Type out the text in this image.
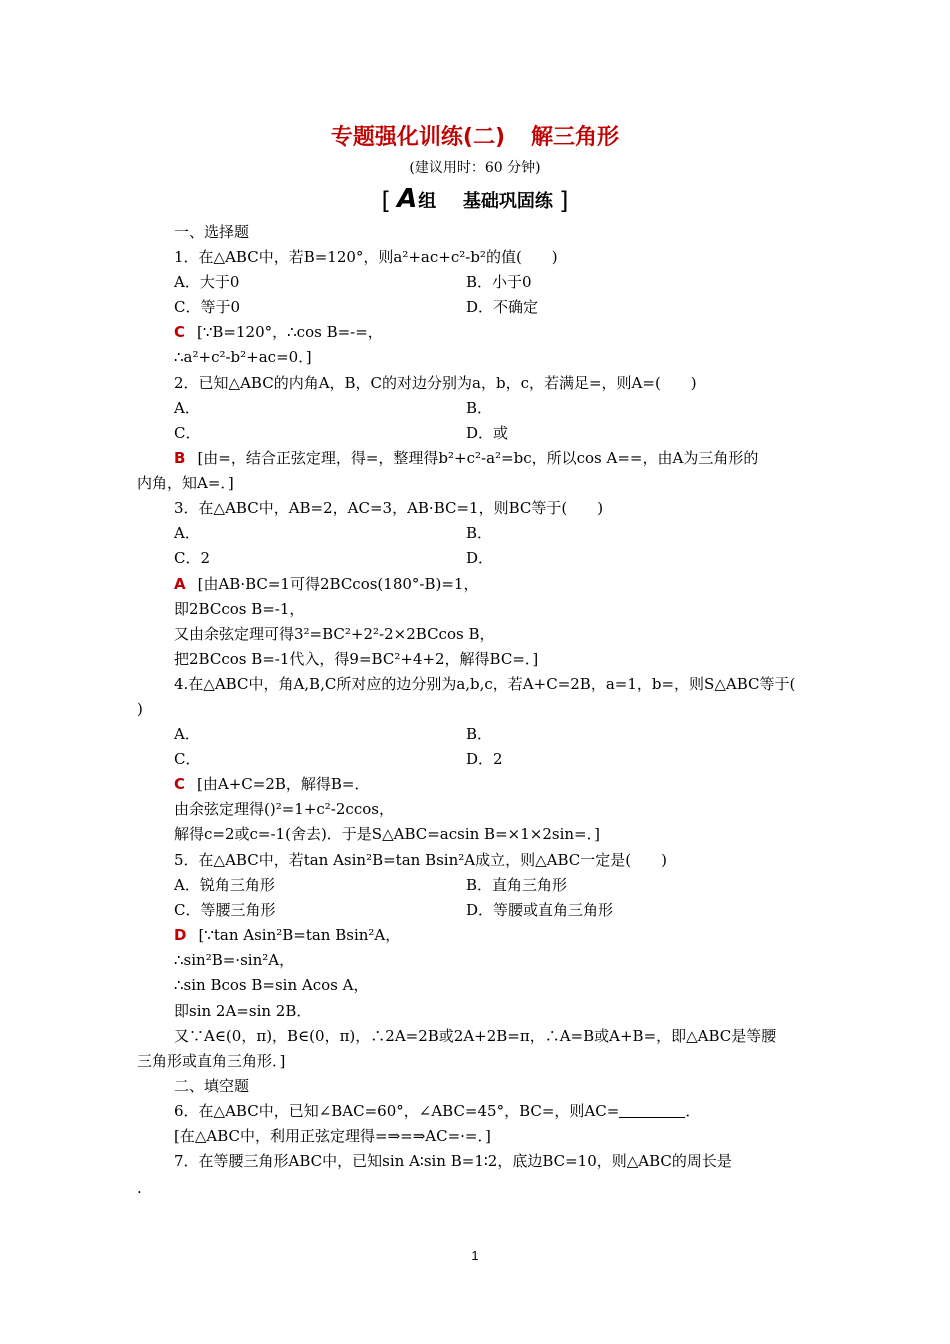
专题强化训练(二) 解三角形
(建议用时：60 分钟)
[ A组 基础巩固练 ]
一、选择题
1．在△ABC中，若B=120°，则a²+ac+c²-b²的值(　　)
A．大于0	B．小于0
C．等于0	D．不确定
C [∵B=120°，∴cos B=-=，
∴a²+c²-b²+ac=0．]
2．已知△ABC的内角A，B，C的对边分别为a，b，c，若满足=，则A=(　　)
A．	B．
C．	D．或
B [由=，结合正弦定理，得=，整理得b²+c²-a²=bc，所以cos A==，由A为三角形的
内角，知A=．]
3．在△ABC中，AB=2，AC=3，AB·BC=1，则BC等于(　　)
A．	B．
C．2	D．
A [由AB·BC=1可得2BCcos(180°-B)=1，
即2BCcos B=-1，
又由余弦定理可得3²=BC²+2²-2×2BCcos B，
把2BCcos B=-1代入，得9=BC²+4+2，解得BC=．]
4.在△ABC中，角A,B,C所对应的边分别为a,b,c，若A+C=2B，a=1，b=，则S△ABC等于(
)
A．	B．
C．	D．2
C [由A+C=2B，解得B=．
由余弦定理得()²=1+c²-2ccos，
解得c=2或c=-1(舍去)．于是S△ABC=acsin B=×1×2sin=．]
5．在△ABC中，若tan Asin²B=tan Bsin²A成立，则△ABC一定是(　　)
A．锐角三角形	B．直角三角形
C．等腰三角形	D．等腰或直角三角形
D [∵tan Asin²B=tan Bsin²A，
∴sin²B=·sin²A，
∴sin Bcos B=sin Acos A，
即sin 2A=sin 2B．
又∵A∈(0，π)，B∈(0，π)，∴2A=2B或2A+2B=π，∴A=B或A+B=，即△ABC是等腰
三角形或直角三角形．]
二、填空题
6．在△ABC中，已知∠BAC=60°，∠ABC=45°，BC=，则AC=	．
[在△ABC中，利用正弦定理得=⇒=⇒AC=·=．]
7．在等腰三角形ABC中，已知sin A∶sin B=1∶2，底边BC=10，则△ABC的周长是
.
1
